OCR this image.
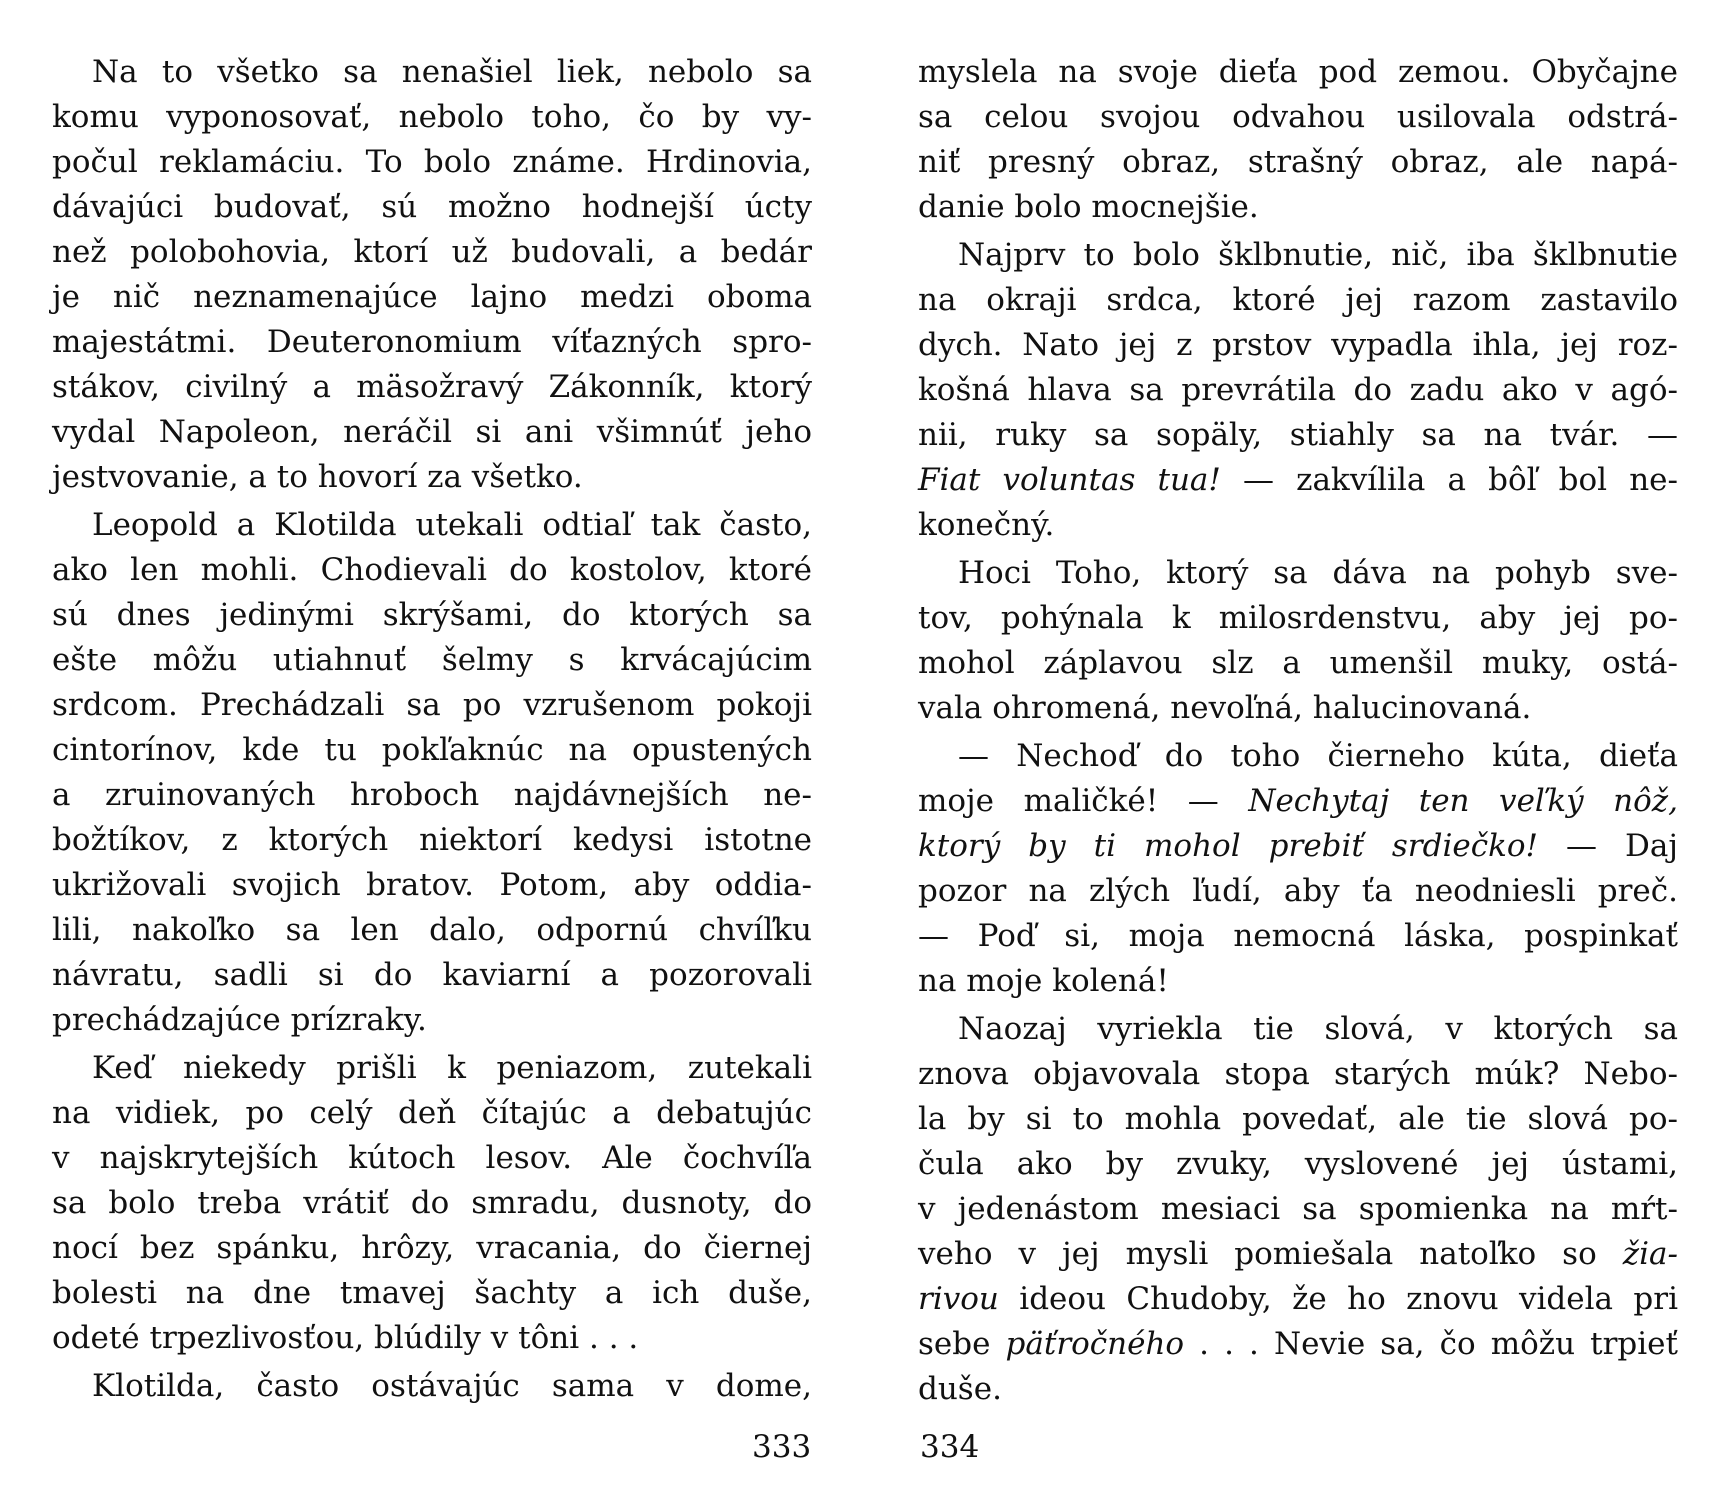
Na to všetko sa nenašiel liek, nebolo sa
komu vyponosovať, nebolo toho, čo by vy-
počul reklamáciu. To bolo známe. Hrdinovia,
dávajúci budovať, sú možno hodnejší úcty
než polobohovia, ktorí už budovali, a bedár
je nič neznamenajúce lajno medzi oboma
majestátmi. Deuteronomium víťazných spro-
stákov, civilný a mäsožravý Zákonník, ktorý
vydal Napoleon, neráčil si ani všimnúť jeho
jestvovanie, a to hovorí za všetko.
Leopold a Klotilda utekali odtiaľ tak často,
ako len mohli. Chodievali do kostolov, ktoré
sú dnes jedinými skrýšami, do ktorých sa
ešte môžu utiahnuť šelmy s krvácajúcim
srdcom. Prechádzali sa po vzrušenom pokoji
cintorínov, kde tu pokľaknúc na opustených
a zruinovaných hroboch najdávnejších ne-
božtíkov, z ktorých niektorí kedysi istotne
ukrižovali svojich bratov. Potom, aby oddia-
lili, nakoľko sa len dalo, odpornú chvíľku
návratu, sadli si do kaviarní a pozorovali
prechádzajúce prízraky.
Keď niekedy prišli k peniazom, zutekali
na vidiek, po celý deň čítajúc a debatujúc
v najskrytejších kútoch lesov. Ale čochvíľa
sa bolo treba vrátiť do smradu, dusnoty, do
nocí bez spánku, hrôzy, vracania, do čiernej
bolesti na dne tmavej šachty a ich duše,
odeté trpezlivosťou, blúdily v tôni . . .
Klotilda, často ostávajúc sama v dome,
333
myslela na svoje dieťa pod zemou. Obyčajne
sa celou svojou odvahou usilovala odstrá-
niť presný obraz, strašný obraz, ale napá-
danie bolo mocnejšie.
Najprv to bolo šklbnutie, nič, iba šklbnutie
na okraji srdca, ktoré jej razom zastavilo
dych. Nato jej z prstov vypadla ihla, jej roz-
košná hlava sa prevrátila do zadu ako v agó-
nii, ruky sa sopäly, stiahly sa na tvár. —
Fiat voluntas tua! — zakvílila a bôľ bol ne-
konečný.
Hoci Toho, ktorý sa dáva na pohyb sve-
tov, pohýnala k milosrdenstvu, aby jej po-
mohol záplavou slz a umenšil muky, ostá-
vala ohromená, nevoľná, halucinovaná.
— Nechoď do toho čierneho kúta, dieťa
moje maličké! — Nechytaj ten veľký nôž,
ktorý by ti mohol prebiť srdiečko! — Daj
pozor na zlých ľudí, aby ťa neodniesli preč.
— Poď si, moja nemocná láska, pospinkať
na moje kolená!
Naozaj vyriekla tie slová, v ktorých sa
znova objavovala stopa starých múk? Nebo-
la by si to mohla povedať, ale tie slová po-
čula ako by zvuky, vyslovené jej ústami,
v jedenástom mesiaci sa spomienka na mŕt-
veho v jej mysli pomiešala natoľko so žia-
rivou ideou Chudoby, že ho znovu videla pri
sebe päťročného . . . Nevie sa, čo môžu trpieť
duše.
334
